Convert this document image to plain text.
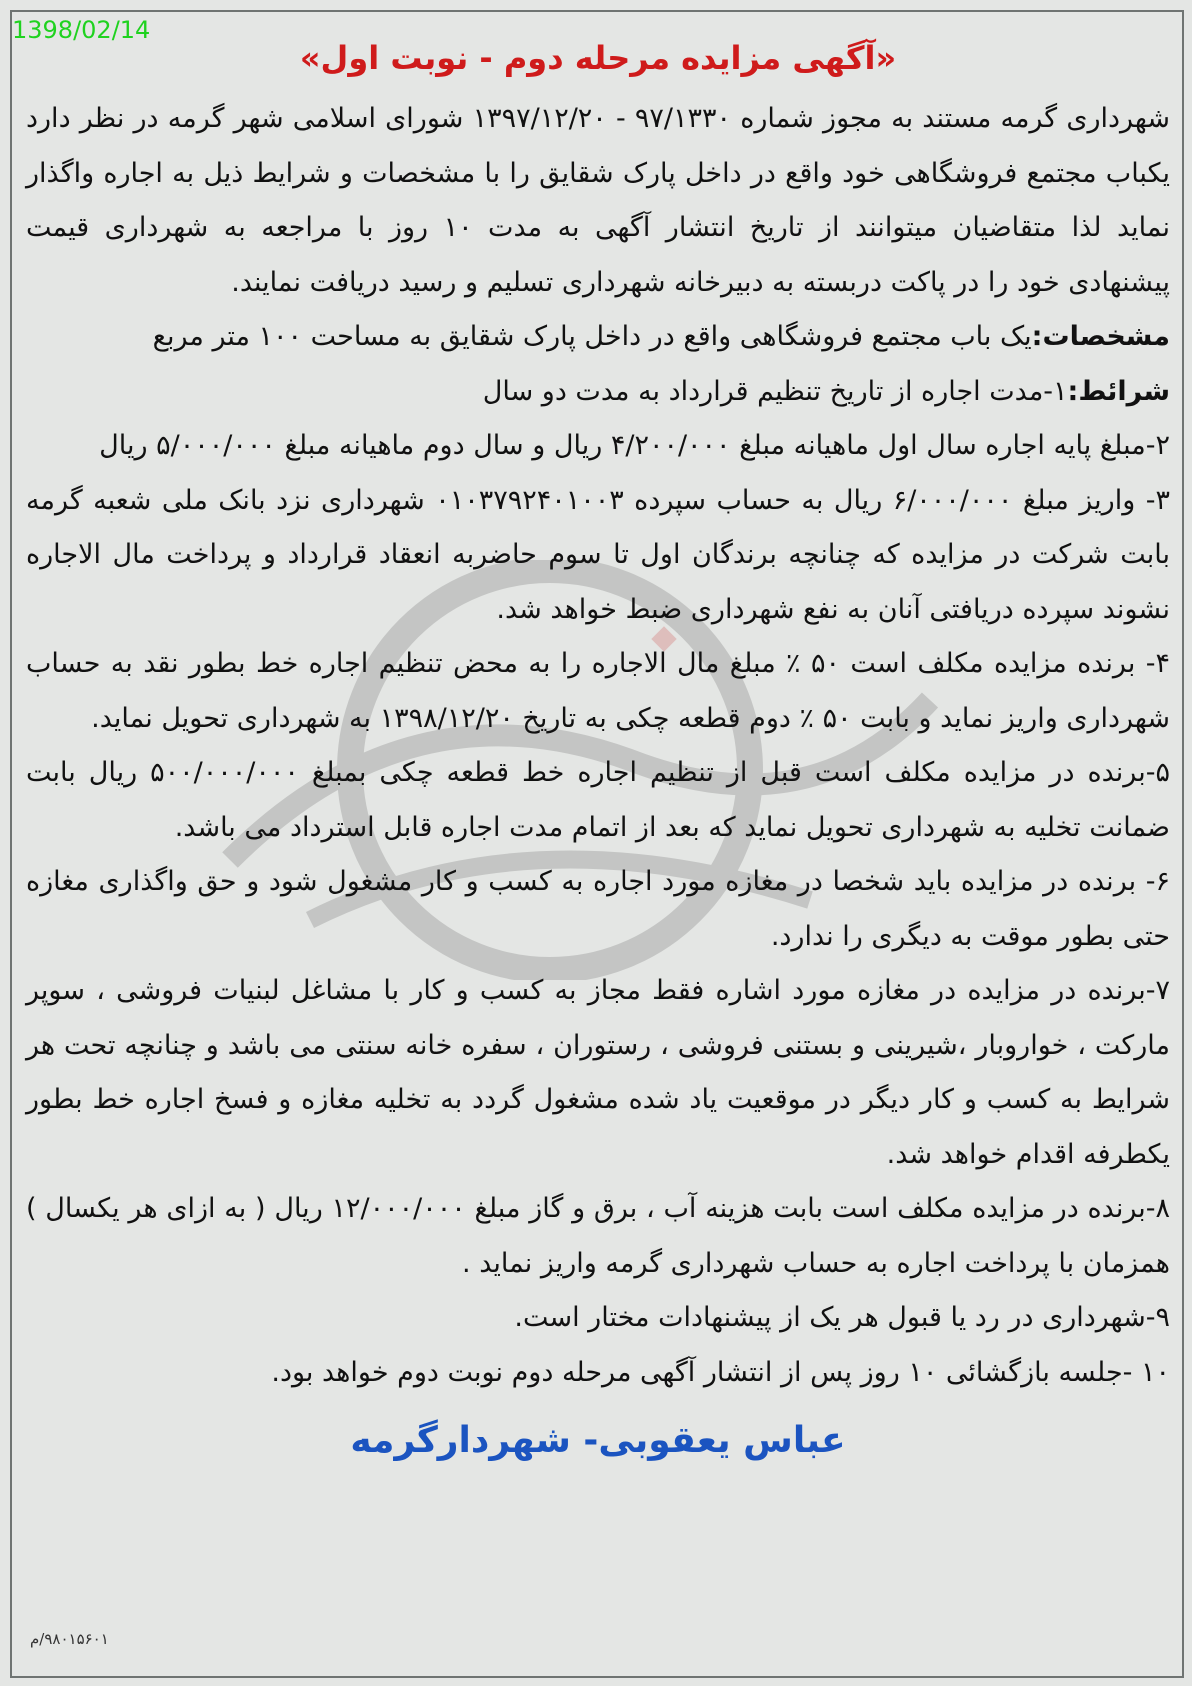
1398/02/14
«آگهی مزایده مرحله دوم - نوبت اول»

شهرداری گرمه مستند به مجوز شماره ۹۷/۱۳۳۰ - ۱۳۹۷/۱۲/۲۰ شورای اسلامی شهر گرمه در نظر دارد یکباب مجتمع فروشگاهی خود واقع در داخل پارک شقایق را با مشخصات و شرایط ذیل به اجاره واگذار نماید لذا متقاضیان میتوانند از تاریخ انتشار آگهی به مدت ۱۰ روز با مراجعه به شهرداری قیمت پیشنهادی خود را در پاکت دربسته به دبیرخانه شهرداری تسلیم و رسید دریافت نمایند.

مشخصات:یک باب مجتمع فروشگاهی واقع در داخل پارک شقایق به مساحت ۱۰۰ متر مربع

شرائط:۱-مدت اجاره از تاریخ تنظیم قرارداد به مدت دو سال

۲-مبلغ پایه اجاره سال اول ماهیانه مبلغ ۴/۲۰۰/۰۰۰ ریال و سال دوم ماهیانه مبلغ ۵/۰۰۰/۰۰۰ ریال

۳- واریز مبلغ ۶/۰۰۰/۰۰۰ ریال به حساب سپرده ۰۱۰۳۷۹۲۴۰۱۰۰۳ شهرداری نزد بانک ملی شعبه گرمه بابت شرکت در مزایده که چنانچه برندگان اول تا سوم حاضربه انعقاد قرارداد و پرداخت مال الاجاره نشوند سپرده دریافتی آنان به نفع شهرداری ضبط خواهد شد.

۴- برنده مزایده مکلف است ۵۰ ٪ مبلغ مال الاجاره را به محض تنظیم اجاره خط بطور نقد به حساب شهرداری واریز نماید و بابت ۵۰ ٪ دوم قطعه چکی به تاریخ ۱۳۹۸/۱۲/۲۰ به شهرداری تحویل نماید.

۵-برنده در مزایده مکلف است قبل از تنظیم اجاره خط قطعه چکی بمبلغ ۵۰۰/۰۰۰/۰۰۰ ریال بابت ضمانت تخلیه به شهرداری تحویل نماید که بعد از اتمام مدت اجاره قابل استرداد می باشد.

۶- برنده در مزایده باید شخصا در مغازه مورد اجاره به کسب و کار مشغول شود و حق واگذاری مغازه حتی بطور موقت به دیگری را ندارد.

۷-برنده در مزایده در مغازه مورد اشاره فقط مجاز به کسب و کار با مشاغل لبنیات فروشی ، سوپر مارکت ، خواروبار ،شیرینی و بستنی فروشی ، رستوران ، سفره خانه سنتی می باشد و چنانچه تحت هر شرایط به کسب و کار دیگر در موقعیت یاد شده مشغول گردد به تخلیه مغازه و فسخ اجاره خط بطور یکطرفه اقدام خواهد شد.

۸-برنده در مزایده مکلف است بابت هزینه آب ، برق و گاز مبلغ ۱۲/۰۰۰/۰۰۰ ریال ( به ازای هر یکسال ) همزمان با پرداخت اجاره به حساب شهرداری گرمه واریز نماید .

۹-شهرداری در رد یا قبول هر یک از پیشنهادات مختار است.

۱۰ -جلسه بازگشائی ۱۰ روز پس از انتشار آگهی مرحله دوم نوبت دوم خواهد بود.

عباس یعقوبی- شهردارگرمه
۹۸۰۱۵۶۰۱/م
